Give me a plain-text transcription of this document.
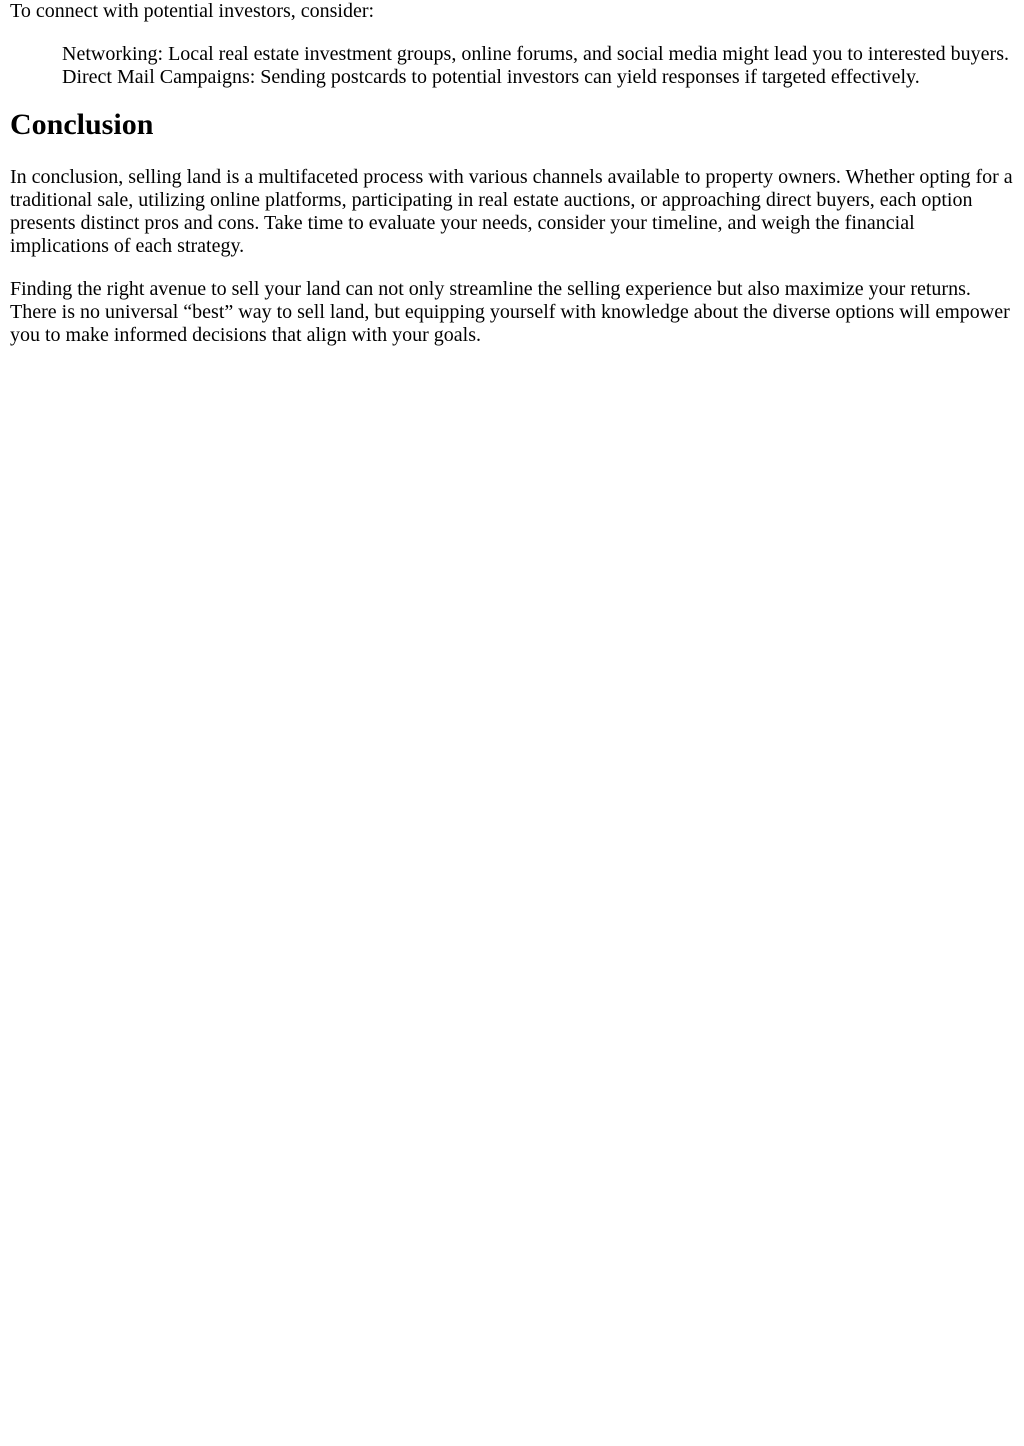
To connect with potential investors, consider:

Networking: Local real estate investment groups, online forums, and social media might lead you to interested buyers. Direct Mail Campaigns: Sending postcards to potential investors can yield responses if targeted effectively.

Conclusion

In conclusion, selling land is a multifaceted process with various channels available to property owners. Whether opting for a traditional sale, utilizing online platforms, participating in real estate auctions, or approaching direct buyers, each option presents distinct pros and cons. Take time to evaluate your needs, consider your timeline, and weigh the financial implications of each strategy.

Finding the right avenue to sell your land can not only streamline the selling experience but also maximize your returns. There is no universal “best” way to sell land, but equipping yourself with knowledge about the diverse options will empower you to make informed decisions that align with your goals.
